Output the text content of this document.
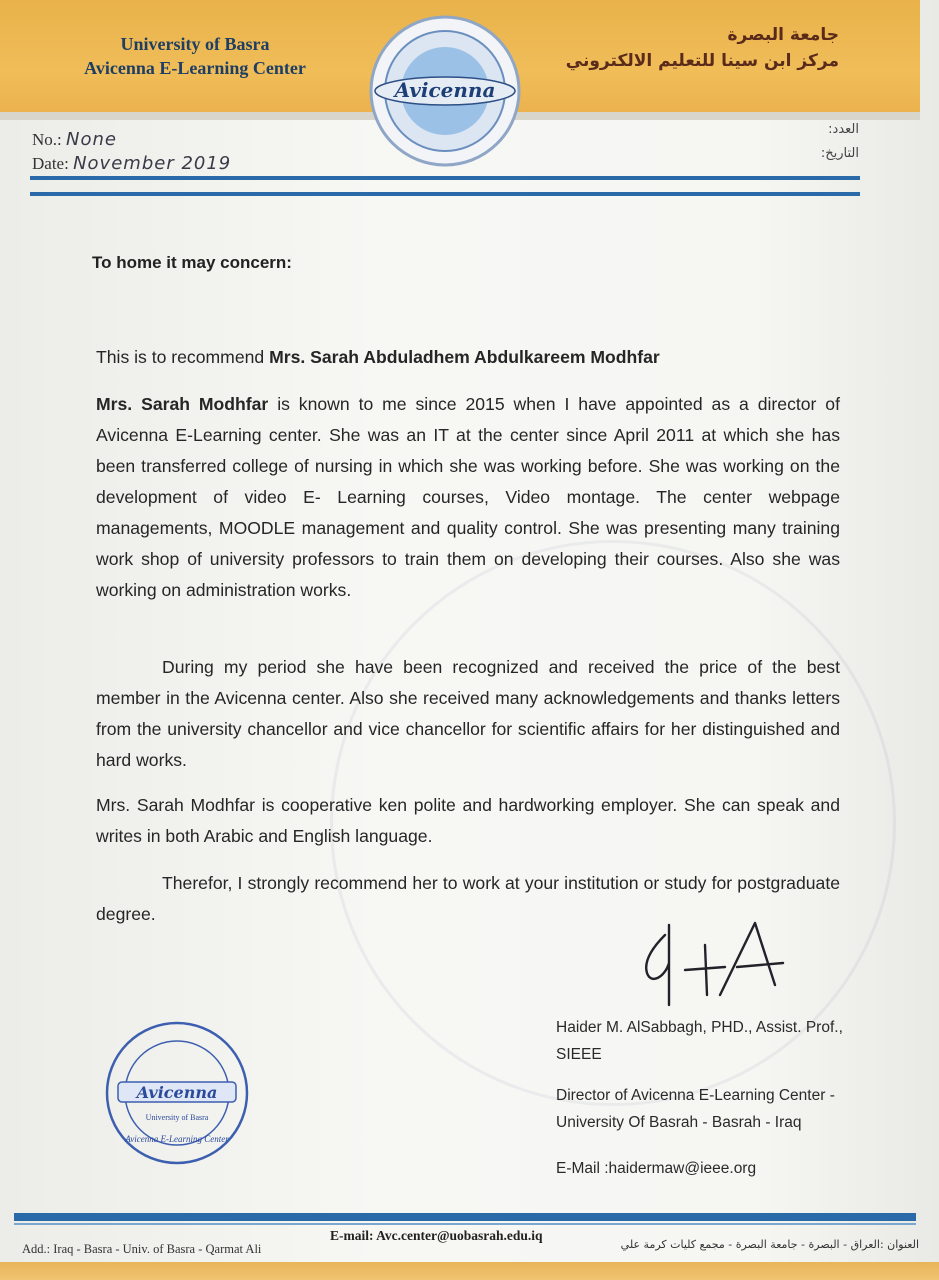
University of Basra
Avicenna E-Learning Center
جامعة البصرة
مركز ابن سينا للتعليم الالكتروني
Avicenna
No.: None
Date: November 2019
العدد:
التاريخ:
To home it may concern:
This is to recommend Mrs. Sarah Abduladhem Abdulkareem Modhfar
Mrs. Sarah Modhfar is known to me since 2015 when I have appointed as a director of Avicenna E-Learning center. She was an IT at the center since April 2011 at which she has been transferred college of nursing in which she was working before. She was working on the development of video E- Learning courses, Video montage. The center webpage managements, MOODLE management and quality control. She was presenting many training work shop of university professors to train them on developing their courses. Also she was working on administration works.
During my period she have been recognized and received the price of the best member in the Avicenna center. Also she received many acknowledgements and thanks letters from the university chancellor and vice chancellor for scientific affairs for her distinguished and hard works.
Mrs. Sarah Modhfar is cooperative ken polite and hardworking employer. She can speak and writes in both Arabic and English language.
Therefor, I strongly recommend her to work at your institution or study for postgraduate degree.
Haider M. AlSabbagh, PHD., Assist. Prof.,
SIEEE
Director of Avicenna E-Learning Center -
University Of Basrah - Basrah - Iraq
E-Mail :haidermaw@ieee.org
Avicenna
University of Basra
Avicenna E-Learning Center
E-mail: Avc.center@uobasrah.edu.iq
Add.: Iraq - Basra - Univ. of Basra - Qarmat Ali	العنوان :العراق - البصرة - جامعة البصرة - مجمع كليات كرمة علي
